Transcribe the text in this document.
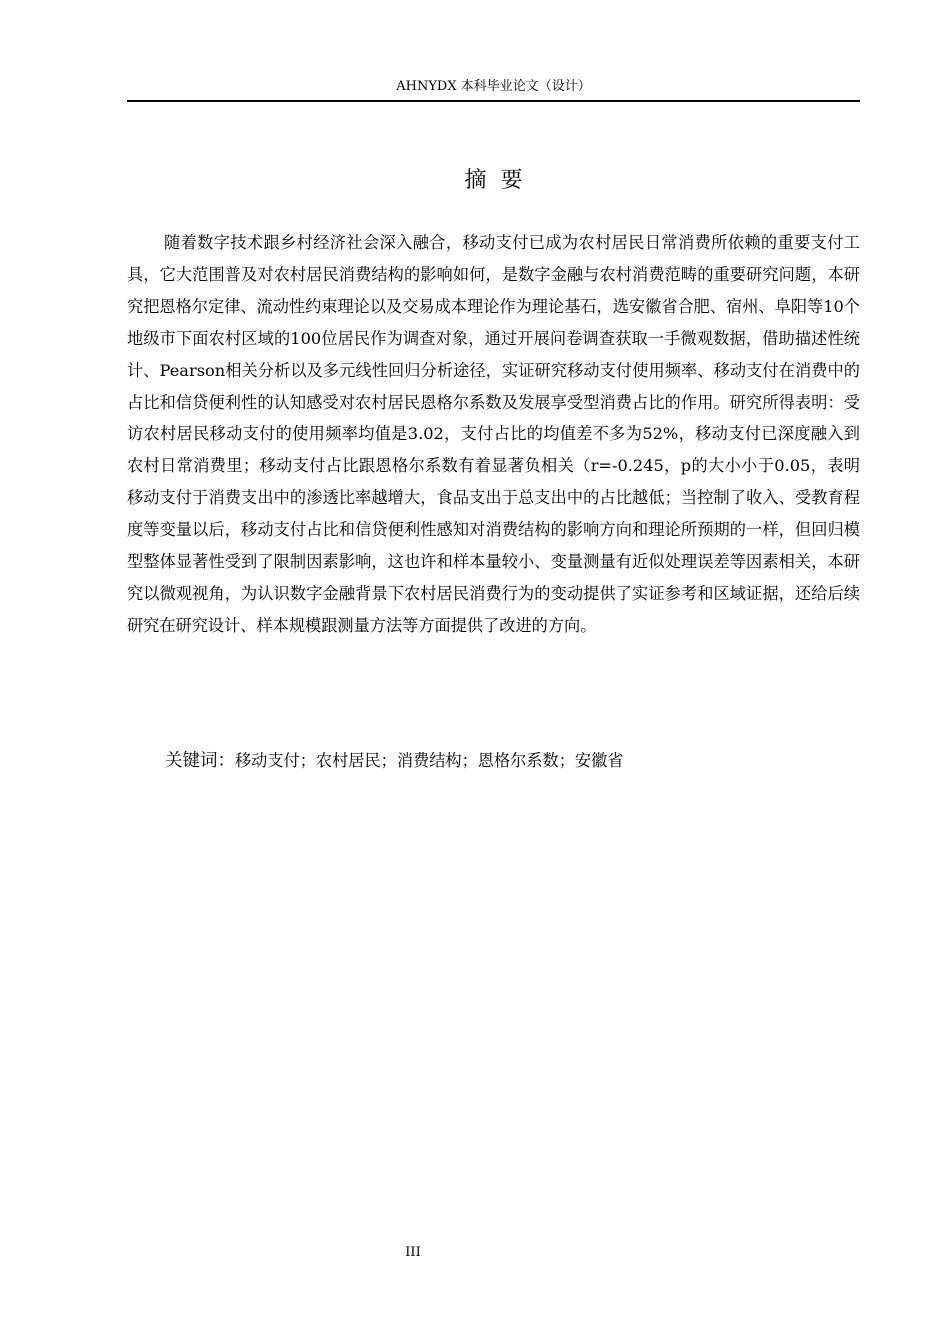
AHNYDX 本科毕业论文（设计）
摘要

随着数字技术跟乡村经济社会深入融合，移动支付已成为农村居民日常消费所依赖的重要支付工具，它大范围普及对农村居民消费结构的影响如何，是数字金融与农村消费范畴的重要研究问题，本研究把恩格尔定律、流动性约束理论以及交易成本理论作为理论基石，选安徽省合肥、宿州、阜阳等10个地级市下面农村区域的100位居民作为调查对象，通过开展问卷调查获取一手微观数据，借助描述性统计、Pearson相关分析以及多元线性回归分析途径，实证研究移动支付使用频率、移动支付在消费中的占比和信贷便利性的认知感受对农村居民恩格尔系数及发展享受型消费占比的作用。研究所得表明：受访农村居民移动支付的使用频率均值是3.02，支付占比的均值差不多为52%，移动支付已深度融入到农村日常消费里；移动支付占比跟恩格尔系数有着显著负相关（r=-0.245，p的大小小于0.05，表明移动支付于消费支出中的渗透比率越增大，食品支出于总支出中的占比越低；当控制了收入、受教育程度等变量以后，移动支付占比和信贷便利性感知对消费结构的影响方向和理论所预期的一样，但回归模型整体显著性受到了限制因素影响，这也许和样本量较小、变量测量有近似处理误差等因素相关，本研究以微观视角，为认识数字金融背景下农村居民消费行为的变动提供了实证参考和区域证据，还给后续研究在研究设计、样本规模跟测量方法等方面提供了改进的方向。

关键词：移动支付；农村居民；消费结构；恩格尔系数；安徽省
III
